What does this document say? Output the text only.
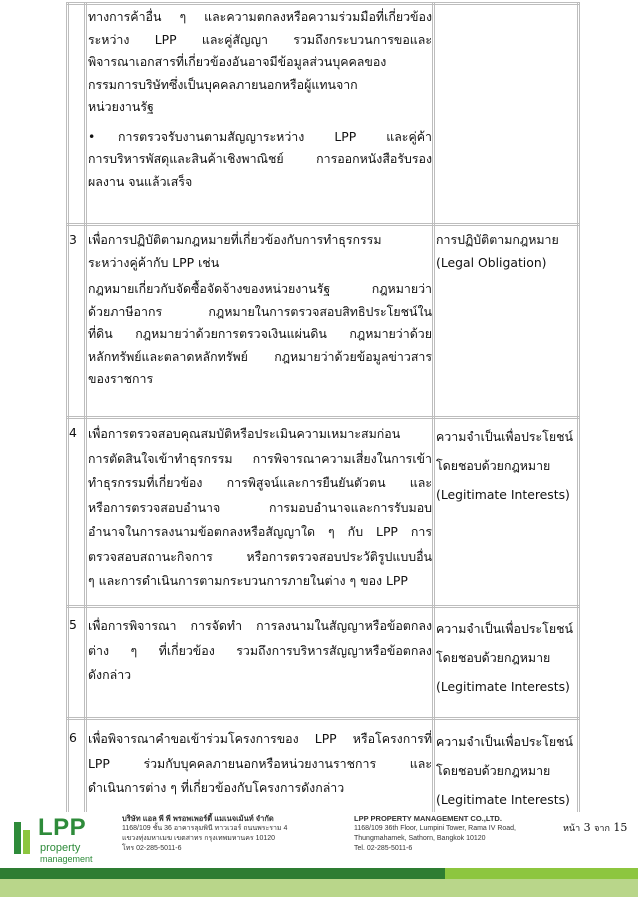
ทางการค้าอื่น ๆ และความตกลงหรือความร่วมมือที่เกี่ยวข้อง

ระหว่าง LPP และคู่สัญญา รวมถึงกระบวนการขอและ

พิจารณาเอกสารที่เกี่ยวข้องอันอาจมีข้อมูลส่วนบุคคลของ

กรรมการบริษัทซึ่งเป็นบุคคลภายนอกหรือผู้แทนจาก

หน่วยงานรัฐ

• การตรวจรับงานตามสัญญาระหว่าง LPP และคู่ค้า

การบริหารพัสดุและสินค้าเชิงพาณิชย์ การออกหนังสือรับรอง

ผลงาน จนแล้วเสร็จ

3 เพื่อการปฏิบัติตามกฎหมายที่เกี่ยวข้องกับการทำธุรกรรม

ระหว่างคู่ค้ากับ LPP เช่น

กฎหมายเกี่ยวกับจัดซื้อจัดจ้างของหน่วยงานรัฐ กฎหมายว่า

ด้วยภาษีอากร กฎหมายในการตรวจสอบสิทธิประโยชน์ใน

ที่ดิน กฎหมายว่าด้วยการตรวจเงินแผ่นดิน กฎหมายว่าด้วย

หลักทรัพย์และตลาดหลักทรัพย์ กฎหมายว่าด้วยข้อมูลข่าวสาร

ของราชการ

การปฏิบัติตามกฎหมาย

(Legal Obligation)

4 เพื่อการตรวจสอบคุณสมบัติหรือประเมินความเหมาะสมก่อน

การตัดสินใจเข้าทำธุรกรรม การพิจารณาความเสี่ยงในการเข้า

ทำธุรกรรมที่เกี่ยวข้อง การพิสูจน์และการยืนยันตัวตน และ

หรือการตรวจสอบอำนาจ การมอบอำนาจและการรับมอบ

อำนาจในการลงนามข้อตกลงหรือสัญญาใด ๆ กับ LPP การ

ตรวจสอบสถานะกิจการ หรือการตรวจสอบประวัติรูปแบบอื่น

ๆ และการดำเนินการตามกระบวนการภายในต่าง ๆ ของ LPP

ความจำเป็นเพื่อประโยชน์

โดยชอบด้วยกฎหมาย

(Legitimate Interests)

5 เพื่อการพิจารณา การจัดทำ การลงนามในสัญญาหรือข้อตกลง

ต่าง ๆ ที่เกี่ยวข้อง รวมถึงการบริหารสัญญาหรือข้อตกลง

ดังกล่าว

ความจำเป็นเพื่อประโยชน์

โดยชอบด้วยกฎหมาย

(Legitimate Interests)

6 เพื่อพิจารณาคำขอเข้าร่วมโครงการของ LPP หรือโครงการที่

LPP ร่วมกับบุคคลภายนอกหรือหน่วยงานราชการ และ

ดำเนินการต่าง ๆ ที่เกี่ยวข้องกับโครงการดังกล่าว

ความจำเป็นเพื่อประโยชน์

โดยชอบด้วยกฎหมาย

(Legitimate Interests)

LPP
property
management
บริษัท แอล พี พี พรอพเพอร์ตี้ แมเนจเม้นท์ จำกัด
1168/109 ชั้น 36 อาคารลุมพินี ทาวเวอร์ ถนนพระราม 4
แขวงทุ่งมหาเมฆ เขตสาทร กรุงเทพมหานคร 10120
โทร 02-285-5011-6
LPP PROPERTY MANAGEMENT CO.,LTD.
1168/109 36th Floor, Lumpini Tower, Rama IV Road,
Thungmahamek, Sathorn, Bangkok 10120
Tel. 02-285-5011-6
หน้า 3 จาก 15
